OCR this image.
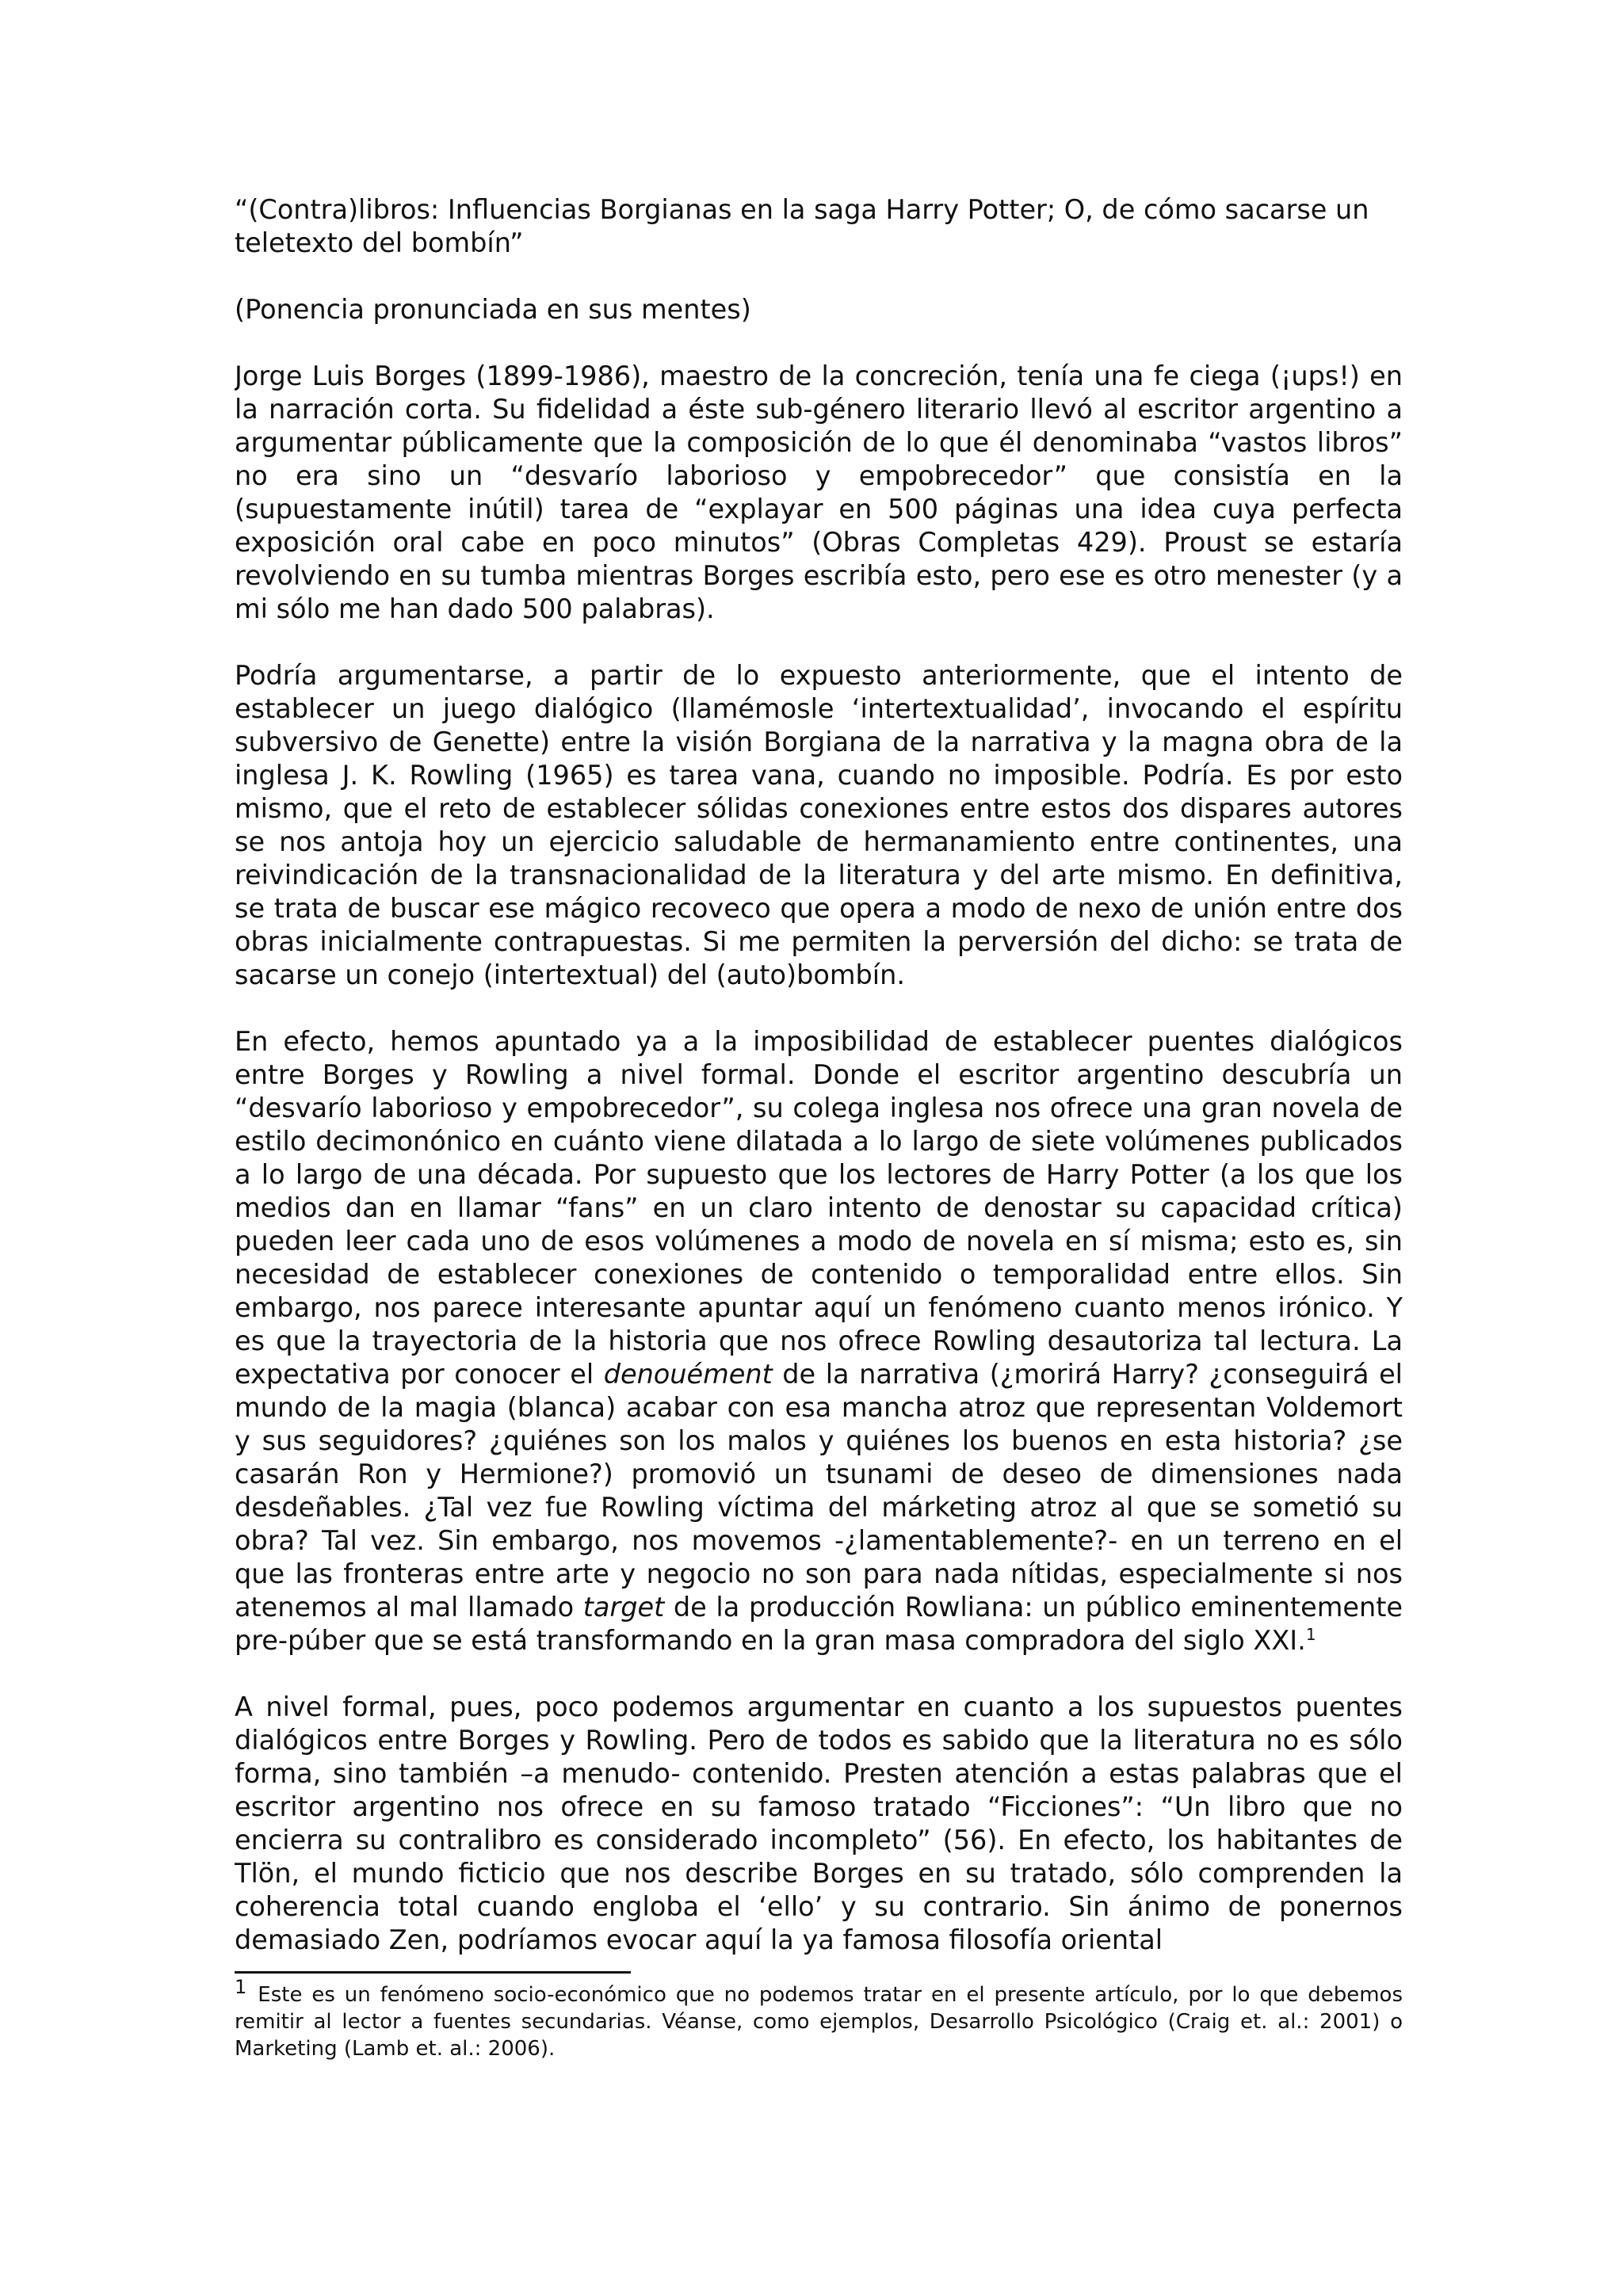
“(Contra)libros: Influencias Borgianas en la saga Harry Potter; O, de cómo sacarse un teletexto del bombín”

(Ponencia pronunciada en sus mentes)

Jorge Luis Borges (1899-1986), maestro de la concreción, tenía una fe ciega (¡ups!) en la narración corta. Su fidelidad a éste sub-género literario llevó al escritor argentino a argumentar públicamente que la composición de lo que él denominaba “vastos libros” no era sino un “desvarío laborioso y empobrecedor” que consistía en la (supuestamente inútil) tarea de “explayar en 500 páginas una idea cuya perfecta exposición oral cabe en poco minutos” (Obras Completas 429). Proust se estaría revolviendo en su tumba mientras Borges escribía esto, pero ese es otro menester (y a mi sólo me han dado 500 palabras).

Podría argumentarse, a partir de lo expuesto anteriormente, que el intento de establecer un juego dialógico (llamémosle ‘intertextualidad’, invocando el espíritu subversivo de Genette) entre la visión Borgiana de la narrativa y la magna obra de la inglesa J. K. Rowling (1965) es tarea vana, cuando no imposible. Podría. Es por esto mismo, que el reto de establecer sólidas conexiones entre estos dos dispares autores se nos antoja hoy un ejercicio saludable de hermanamiento entre continentes, una reivindicación de la transnacionalidad de la literatura y del arte mismo. En definitiva, se trata de buscar ese mágico recoveco que opera a modo de nexo de unión entre dos obras inicialmente contrapuestas. Si me permiten la perversión del dicho: se trata de sacarse un conejo (intertextual) del (auto)bombín.

En efecto, hemos apuntado ya a la imposibilidad de establecer puentes dialógicos entre Borges y Rowling a nivel formal. Donde el escritor argentino descubría un “desvarío laborioso y empobrecedor”, su colega inglesa nos ofrece una gran novela de estilo decimonónico en cuánto viene dilatada a lo largo de siete volúmenes publicados a lo largo de una década. Por supuesto que los lectores de Harry Potter (a los que los medios dan en llamar “fans” en un claro intento de denostar su capacidad crítica) pueden leer cada uno de esos volúmenes a modo de novela en sí misma; esto es, sin necesidad de establecer conexiones de contenido o temporalidad entre ellos. Sin embargo, nos parece interesante apuntar aquí un fenómeno cuanto menos irónico. Y es que la trayectoria de la historia que nos ofrece Rowling desautoriza tal lectura. La expectativa por conocer el denouément de la narrativa (¿morirá Harry? ¿conseguirá el mundo de la magia (blanca) acabar con esa mancha atroz que representan Voldemort y sus seguidores? ¿quiénes son los malos y quiénes los buenos en esta historia? ¿se casarán Ron y Hermione?) promovió un tsunami de deseo de dimensiones nada desdeñables. ¿Tal vez fue Rowling víctima del márketing atroz al que se sometió su obra? Tal vez. Sin embargo, nos movemos -¿lamentablemente?- en un terreno en el que las fronteras entre arte y negocio no son para nada nítidas, especialmente si nos atenemos al mal llamado target de la producción Rowliana: un público eminentemente pre-púber que se está transformando en la gran masa compradora del siglo XXI.$^1$

A nivel formal, pues, poco podemos argumentar en cuanto a los supuestos puentes dialógicos entre Borges y Rowling. Pero de todos es sabido que la literatura no es sólo forma, sino también –a menudo- contenido. Presten atención a estas palabras que el escritor argentino nos ofrece en su famoso tratado “Ficciones”: “Un libro que no encierra su contralibro es considerado incompleto” (56). En efecto, los habitantes de Tlön, el mundo ficticio que nos describe Borges en su tratado, sólo comprenden la coherencia total cuando engloba el ‘ello’ y su contrario. Sin ánimo de ponernos demasiado Zen, podríamos evocar aquí la ya famosa filosofía oriental

1 Este es un fenómeno socio-económico que no podemos tratar en el presente artículo, por lo que debemos remitir al lector a fuentes secundarias. Véanse, como ejemplos, Desarrollo Psicológico (Craig et. al.: 2001) o Marketing (Lamb et. al.: 2006).
